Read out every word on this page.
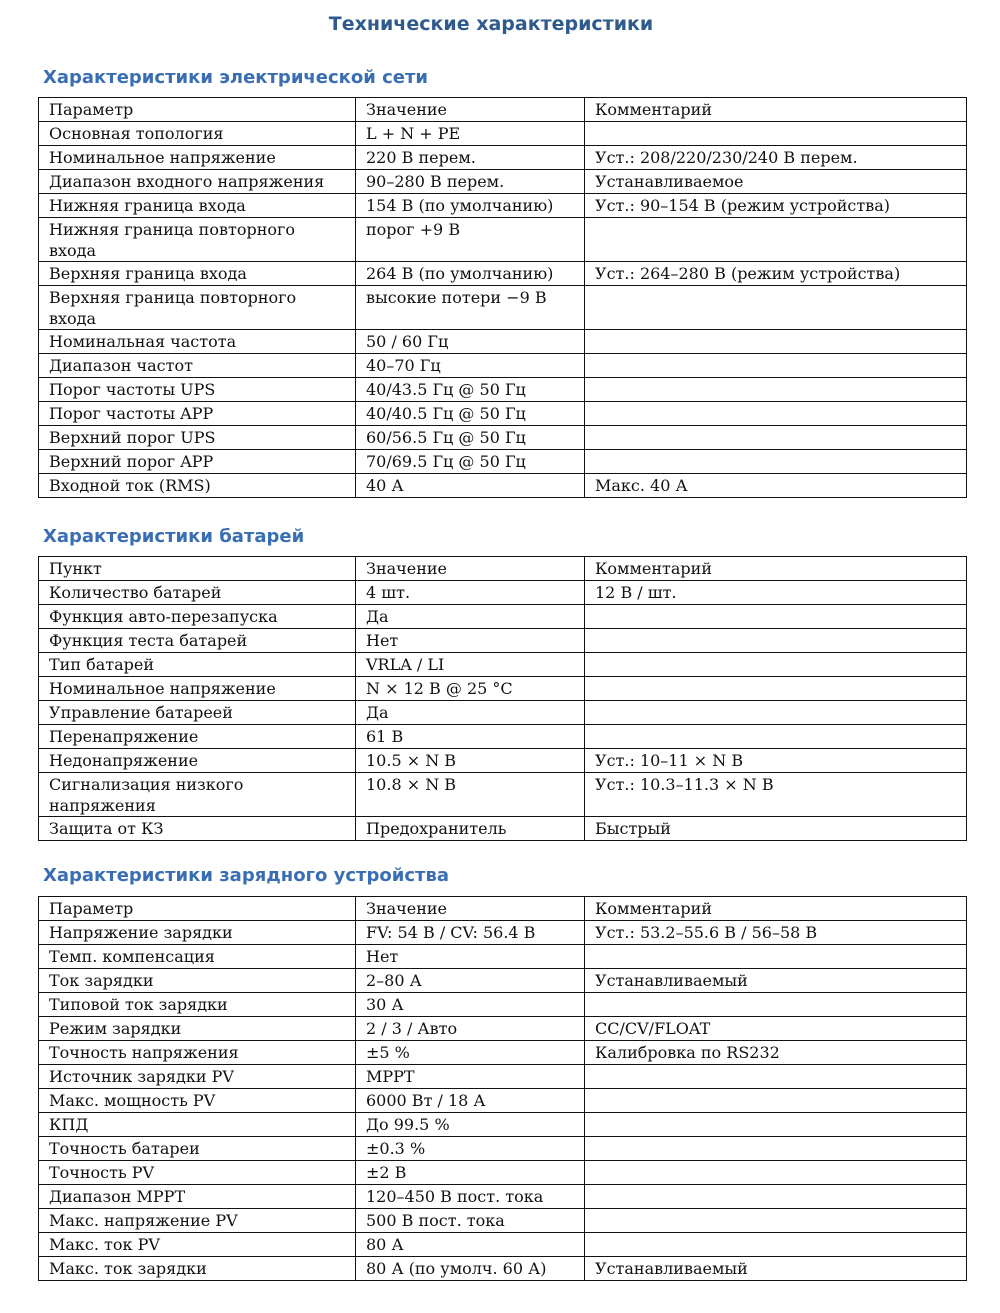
Технические характеристики
Характеристики электрической сети
Параметр	Значение	Комментарий
Основная топология	L + N + PE	
Номинальное напряжение	220 В перем.	Уст.: 208/220/230/240 В перем.
Диапазон входного напряжения	90–280 В перем.	Устанавливаемое
Нижняя граница входа	154 В (по умолчанию)	Уст.: 90–154 В (режим устройства)
Нижняя граница повторного входа	порог +9 В	
Верхняя граница входа	264 В (по умолчанию)	Уст.: 264–280 В (режим устройства)
Верхняя граница повторного входа	высокие потери −9 В	
Номинальная частота	50 / 60 Гц	
Диапазон частот	40–70 Гц	
Порог частоты UPS	40/43.5 Гц @ 50 Гц	
Порог частоты APP	40/40.5 Гц @ 50 Гц	
Верхний порог UPS	60/56.5 Гц @ 50 Гц	
Верхний порог APP	70/69.5 Гц @ 50 Гц	
Входной ток (RMS)	40 А	Макс. 40 А
Характеристики батарей
Пункт	Значение	Комментарий
Количество батарей	4 шт.	12 В / шт.
Функция авто-перезапуска	Да	
Функция теста батарей	Нет	
Тип батарей	VRLA / LI	
Номинальное напряжение	N × 12 В @ 25 °C	
Управление батареей	Да	
Перенапряжение	61 В	
Недонапряжение	10.5 × N В	Уст.: 10–11 × N В
Сигнализация низкого напряжения	10.8 × N В	Уст.: 10.3–11.3 × N В
Защита от КЗ	Предохранитель	Быстрый
Характеристики зарядного устройства
Параметр	Значение	Комментарий
Напряжение зарядки	FV: 54 В / CV: 56.4 В	Уст.: 53.2–55.6 В / 56–58 В
Темп. компенсация	Нет	
Ток зарядки	2–80 А	Устанавливаемый
Типовой ток зарядки	30 А	
Режим зарядки	2 / 3 / Авто	CC/CV/FLOAT
Точность напряжения	±5 %	Калибровка по RS232
Источник зарядки PV	MPPT	
Макс. мощность PV	6000 Вт / 18 А	
КПД	До 99.5 %	
Точность батареи	±0.3 %	
Точность PV	±2 В	
Диапазон MPPT	120–450 В пост. тока	
Макс. напряжение PV	500 В пост. тока	
Макс. ток PV	80 А	
Макс. ток зарядки	80 А (по умолч. 60 А)	Устанавливаемый
